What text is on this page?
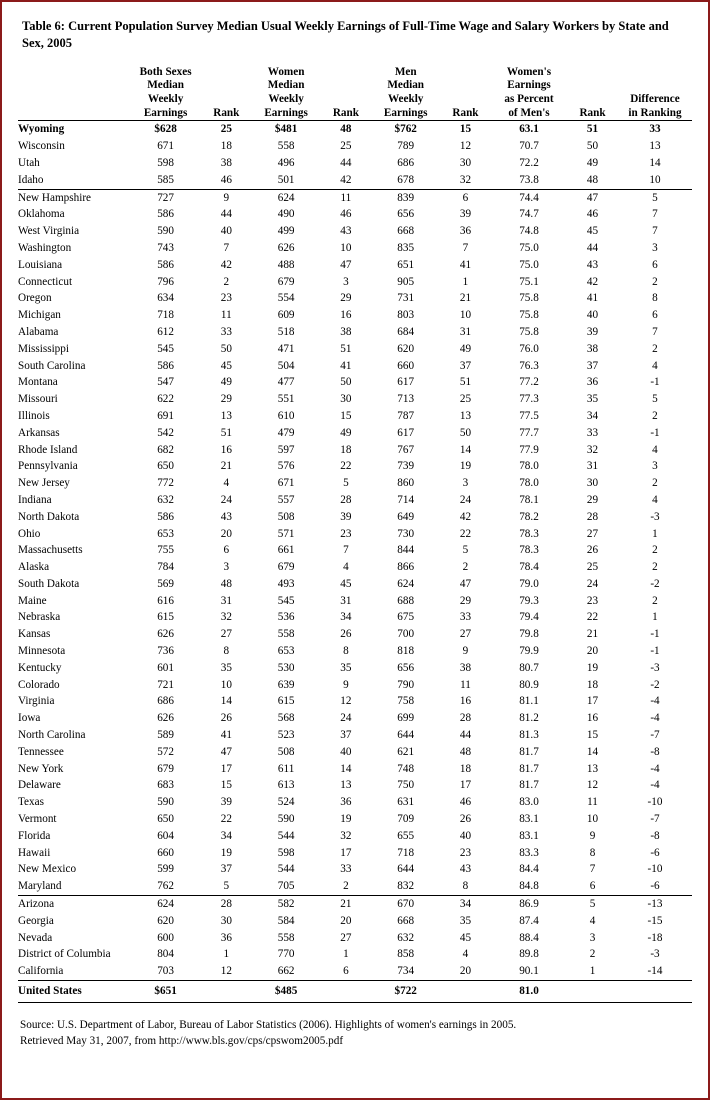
Table 6: Current Population Survey Median Usual Weekly Earnings of Full-Time Wage and Salary Workers by State and Sex, 2005

	Both Sexes
Median
Weekly
Earnings	Rank	Women
Median
Weekly
Earnings	Rank	Men
Median
Weekly
Earnings	Rank	Women's
Earnings
as Percent
of Men's	Rank	Difference
in Ranking

Wyoming	$628	25	$481	48	$762	15	63.1	51	33
Wisconsin	671	18	558	25	789	12	70.7	50	13
Utah	598	38	496	44	686	30	72.2	49	14
Idaho	585	46	501	42	678	32	73.8	48	10
New Hampshire	727	9	624	11	839	6	74.4	47	5
Oklahoma	586	44	490	46	656	39	74.7	46	7
West Virginia	590	40	499	43	668	36	74.8	45	7
Washington	743	7	626	10	835	7	75.0	44	3
Louisiana	586	42	488	47	651	41	75.0	43	6
Connecticut	796	2	679	3	905	1	75.1	42	2
Oregon	634	23	554	29	731	21	75.8	41	8
Michigan	718	11	609	16	803	10	75.8	40	6
Alabama	612	33	518	38	684	31	75.8	39	7
Mississippi	545	50	471	51	620	49	76.0	38	2
South Carolina	586	45	504	41	660	37	76.3	37	4
Montana	547	49	477	50	617	51	77.2	36	-1
Missouri	622	29	551	30	713	25	77.3	35	5
Illinois	691	13	610	15	787	13	77.5	34	2
Arkansas	542	51	479	49	617	50	77.7	33	-1
Rhode Island	682	16	597	18	767	14	77.9	32	4
Pennsylvania	650	21	576	22	739	19	78.0	31	3
New Jersey	772	4	671	5	860	3	78.0	30	2
Indiana	632	24	557	28	714	24	78.1	29	4
North Dakota	586	43	508	39	649	42	78.2	28	-3
Ohio	653	20	571	23	730	22	78.3	27	1
Massachusetts	755	6	661	7	844	5	78.3	26	2
Alaska	784	3	679	4	866	2	78.4	25	2
South Dakota	569	48	493	45	624	47	79.0	24	-2
Maine	616	31	545	31	688	29	79.3	23	2
Nebraska	615	32	536	34	675	33	79.4	22	1
Kansas	626	27	558	26	700	27	79.8	21	-1
Minnesota	736	8	653	8	818	9	79.9	20	-1
Kentucky	601	35	530	35	656	38	80.7	19	-3
Colorado	721	10	639	9	790	11	80.9	18	-2
Virginia	686	14	615	12	758	16	81.1	17	-4
Iowa	626	26	568	24	699	28	81.2	16	-4
North Carolina	589	41	523	37	644	44	81.3	15	-7
Tennessee	572	47	508	40	621	48	81.7	14	-8
New York	679	17	611	14	748	18	81.7	13	-4
Delaware	683	15	613	13	750	17	81.7	12	-4
Texas	590	39	524	36	631	46	83.0	11	-10
Vermont	650	22	590	19	709	26	83.1	10	-7
Florida	604	34	544	32	655	40	83.1	9	-8
Hawaii	660	19	598	17	718	23	83.3	8	-6
New Mexico	599	37	544	33	644	43	84.4	7	-10
Maryland	762	5	705	2	832	8	84.8	6	-6
Arizona	624	28	582	21	670	34	86.9	5	-13
Georgia	620	30	584	20	668	35	87.4	4	-15
Nevada	600	36	558	27	632	45	88.4	3	-18
District of Columbia	804	1	770	1	858	4	89.8	2	-3
California	703	12	662	6	734	20	90.1	1	-14
United States	$651		$485		$722		81.0		
Source: U.S. Department of Labor, Bureau of Labor Statistics (2006). Highlights of women's earnings in 2005.
Retrieved May 31, 2007, from http://www.bls.gov/cps/cpswom2005.pdf
